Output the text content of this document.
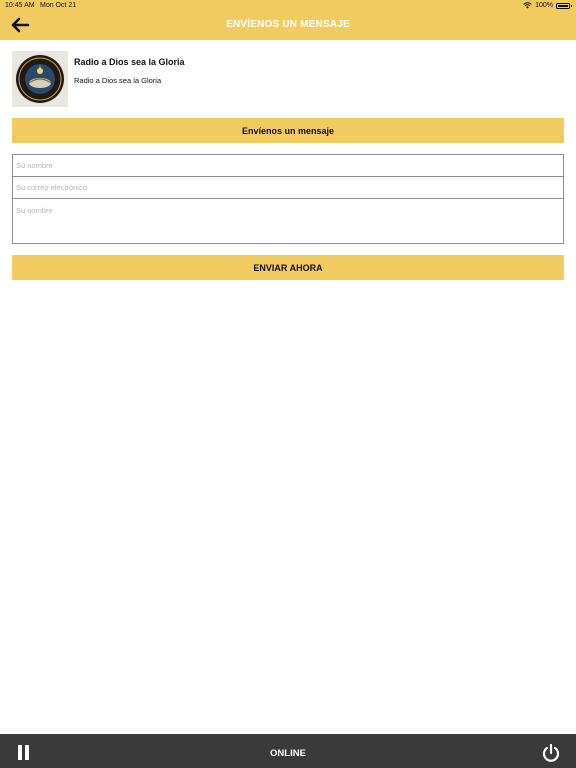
10:45 AM Mon Oct 21	100%
ENVÍENOS UN MENSAJE
Radio a Dios sea la Gloria
Radio a Dios sea la Gloria
Envíenos un mensaje
Su nombre
Su correo electrónico
Su nombre
ENVIAR AHORA
ONLINE
